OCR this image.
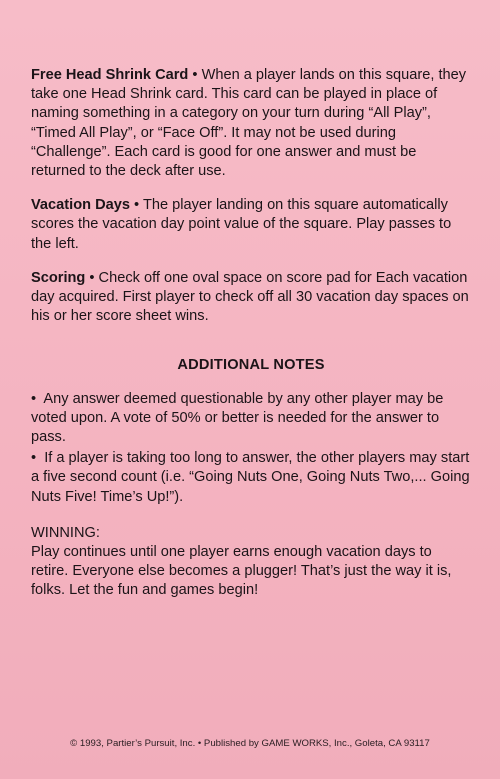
Free Head Shrink Card • When a player lands on this square, they take one Head Shrink card. This card can be played in place of naming something in a category on your turn during “All Play”, “Timed All Play”, or “Face Off”. It may not be used during “Challenge”. Each card is good for one answer and must be returned to the deck after use.

Vacation Days • The player landing on this square automatically scores the vacation day point value of the square. Play passes to the left.

Scoring • Check off one oval space on score pad for Each vacation day acquired. First player to check off all 30 vacation day spaces on his or her score sheet wins.

ADDITIONAL NOTES

•  Any answer deemed questionable by any other player may be voted upon. A vote of 50% or better is needed for the answer to pass.

•  If a player is taking too long to answer, the other players may start a five second count (i.e. “Going Nuts One, Going Nuts Two,... Going Nuts Five! Time’s Up!”).

WINNING:

Play continues until one player earns enough vacation days to retire. Everyone else becomes a plugger! That’s just the way it is, folks. Let the fun and games begin!

© 1993, Partier’s Pursuit, Inc. • Published by GAME WORKS, Inc., Goleta, CA 93117
